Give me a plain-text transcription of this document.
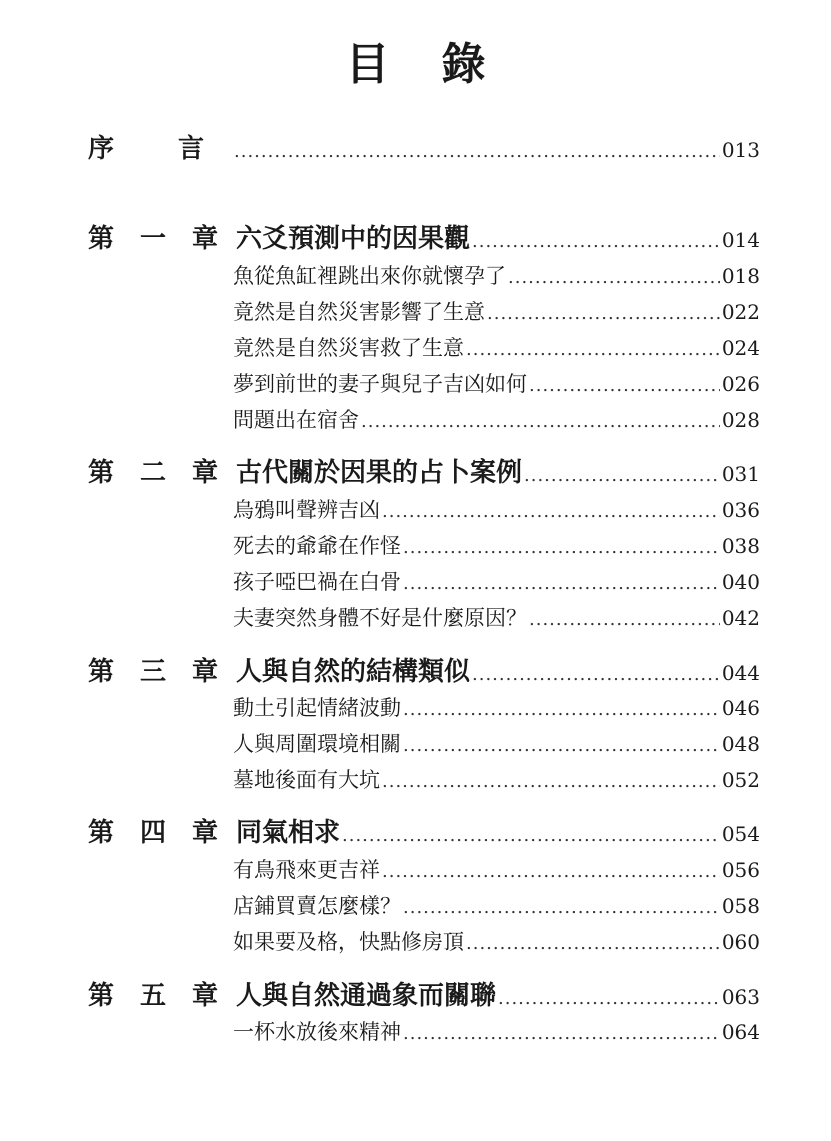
目 錄
序 言 .....	013
第 一 章 六爻預測中的因果觀 .....	014
魚從魚缸裡跳出來你就懷孕了 .....	018
竟然是自然災害影響了生意 .....	022
竟然是自然災害救了生意 .....	024
夢到前世的妻子與兒子吉凶如何 .....	026
問題出在宿舍 .....	028
第 二 章 古代關於因果的占卜案例 .....	031
烏鴉叫聲辨吉凶 .....	036
死去的爺爺在作怪 .....	038
孩子啞巴禍在白骨 .....	040
夫妻突然身體不好是什麼原因？ .....	042
第 三 章 人與自然的結構類似 .....	044
動土引起情緒波動 .....	046
人與周圍環境相關 .....	048
墓地後面有大坑 .....	052
第 四 章 同氣相求 .....	054
有鳥飛來更吉祥 .....	056
店鋪買賣怎麼樣？ .....	058
如果要及格，快點修房頂 .....	060
第 五 章 人與自然通過象而關聯 .....	063
一杯水放後來精神 .....	064
